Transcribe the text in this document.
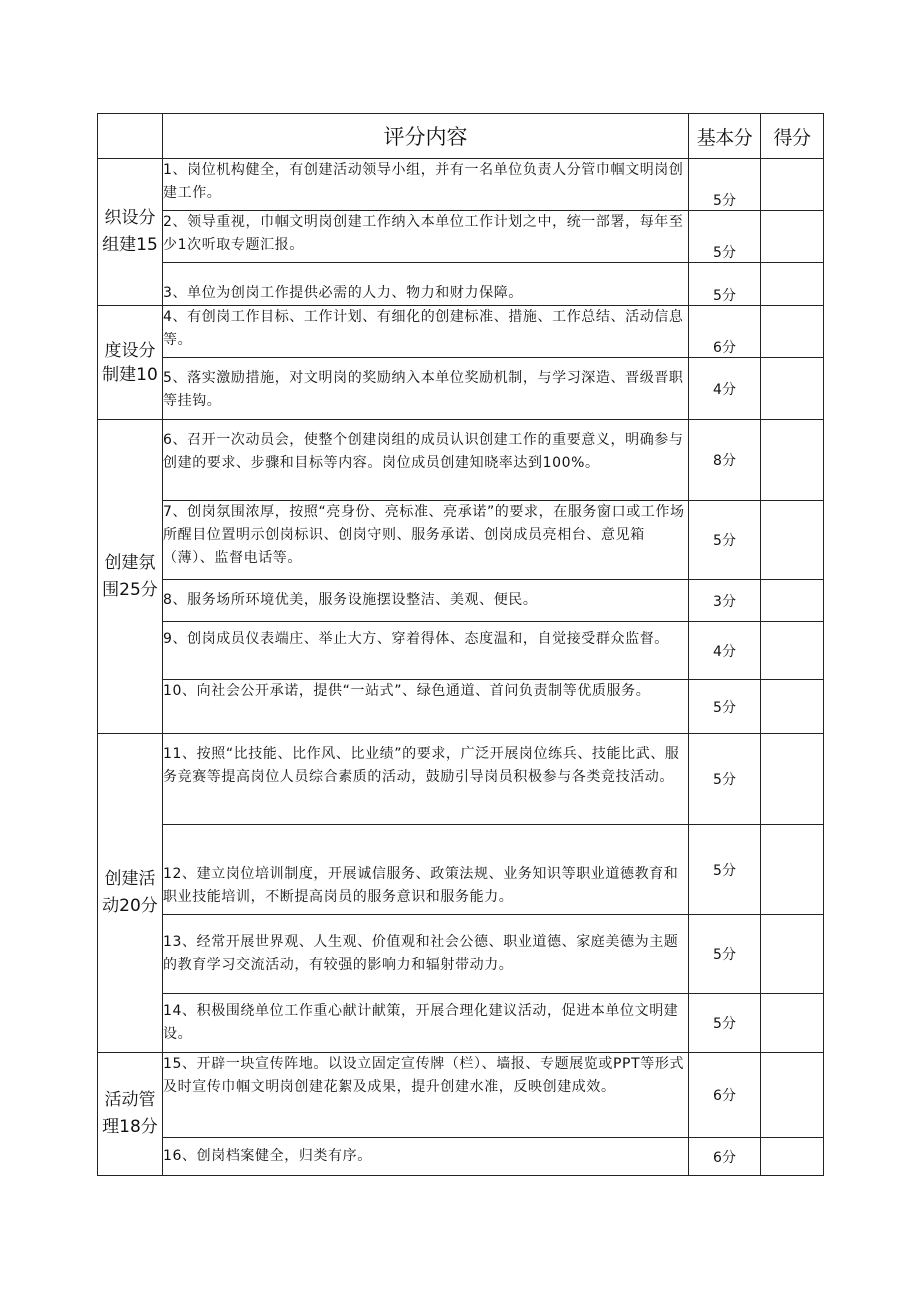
	评分内容	基本分	得分
织设分组建15	1、岗位机构健全，有创建活动领导小组，并有一名单位负责人分管巾帼文明岗创建工作。	5分	
	2、领导重视，巾帼文明岗创建工作纳入本单位工作计划之中，统一部署，每年至少1次听取专题汇报。	5分	
	3、单位为创岗工作提供必需的人力、物力和财力保障。	5分	
度设分制建10	4、有创岗工作目标、工作计划、有细化的创建标准、措施、工作总结、活动信息等。	6分	
	5、落实激励措施，对文明岗的奖励纳入本单位奖励机制，与学习深造、晋级晋职等挂钩。	4分	
创建氛围25分	6、召开一次动员会，使整个创建岗组的成员认识创建工作的重要意义，明确参与创建的要求、步骤和目标等内容。岗位成员创建知晓率达到100%。	8分	
	7、创岗氛围浓厚，按照“亮身份、亮标准、亮承诺”的要求，在服务窗口或工作场所醒目位置明示创岗标识、创岗守则、服务承诺、创岗成员亮相台、意见箱（薄）、监督电话等。	5分	
	8、服务场所环境优美，服务设施摆设整洁、美观、便民。	3分	
	9、创岗成员仪表端庄、举止大方、穿着得体、态度温和，自觉接受群众监督。	4分	
	10、向社会公开承诺，提供“一站式”、绿色通道、首问负责制等优质服务。	5分	
创建活动20分	11、按照“比技能、比作风、比业绩”的要求，广泛开展岗位练兵、技能比武、服务竞赛等提高岗位人员综合素质的活动，鼓励引导岗员积极参与各类竞技活动。	5分	
	12、建立岗位培训制度，开展诚信服务、政策法规、业务知识等职业道德教育和职业技能培训，不断提高岗员的服务意识和服务能力。	5分	
	13、经常开展世界观、人生观、价值观和社会公德、职业道德、家庭美德为主题的教育学习交流活动，有较强的影响力和辐射带动力。	5分	
	14、积极围绕单位工作重心献计献策，开展合理化建议活动，促进本单位文明建设。	5分	
活动管理18分	15、开辟一块宣传阵地。以设立固定宣传牌（栏）、墙报、专题展览或PPT等形式及时宣传巾帼文明岗创建花絮及成果，提升创建水准，反映创建成效。	6分	
	16、创岗档案健全，归类有序。	6分	
